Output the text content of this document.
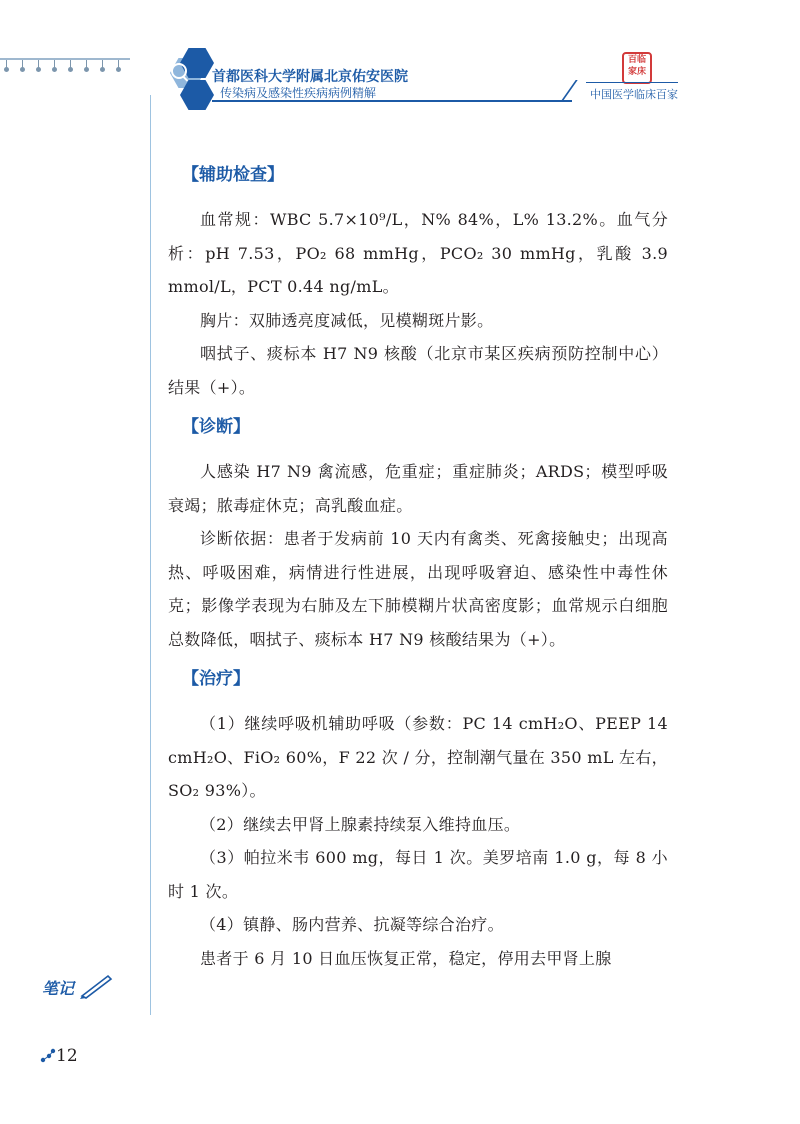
首都医科大学附属北京佑安医院
传染病及感染性疾病病例精解
百临家床
中国医学临床百家
【辅助检查】

血常规：WBC 5.7×10⁹/L，N% 84%，L% 13.2%。血气分析：pH 7.53，PO₂ 68 mmHg，PCO₂ 30 mmHg，乳酸 3.9 mmol/L，PCT 0.44 ng/mL。

胸片：双肺透亮度减低，见模糊斑片影。

咽拭子、痰标本 H7 N9 核酸（北京市某区疾病预防控制中心）结果（+）。

【诊断】

人感染 H7 N9 禽流感，危重症；重症肺炎；ARDS；模型呼吸衰竭；脓毒症休克；高乳酸血症。

诊断依据：患者于发病前 10 天内有禽类、死禽接触史；出现高热、呼吸困难，病情进行性进展，出现呼吸窘迫、感染性中毒性休克；影像学表现为右肺及左下肺模糊片状高密度影；血常规示白细胞总数降低，咽拭子、痰标本 H7 N9 核酸结果为（+）。

【治疗】

（1）继续呼吸机辅助呼吸（参数：PC 14 cmH₂O、PEEP 14 cmH₂O、FiO₂ 60%，F 22 次 / 分，控制潮气量在 350 mL 左右，SO₂ 93%）。

（2）继续去甲肾上腺素持续泵入维持血压。

（3）帕拉米韦 600 mg，每日 1 次。美罗培南 1.0 g，每 8 小时 1 次。

（4）镇静、肠内营养、抗凝等综合治疗。

患者于 6 月 10 日血压恢复正常，稳定，停用去甲肾上腺

笔记
12
